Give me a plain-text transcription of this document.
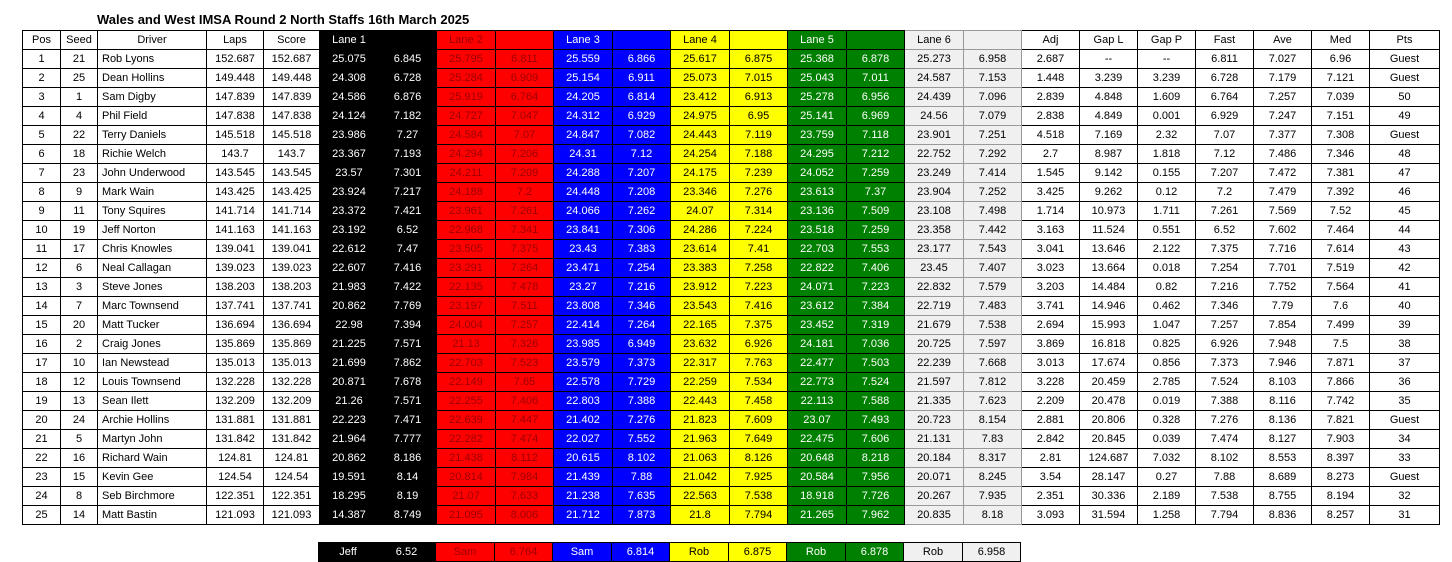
Wales and West IMSA Round 2 North Staffs 16th March 2025
Pos	Seed	Driver	Laps	Score	Lane 1		Lane 2		Lane 3		Lane 4		Lane 5		Lane 6		Adj	Gap L	Gap P	Fast	Ave	Med	Pts
1	21	Rob Lyons	152.687	152.687	25.075	6.845	25.795	6.811	25.559	6.866	25.617	6.875	25.368	6.878	25.273	6.958	2.687	--	--	6.811	7.027	6.96	Guest
2	25	Dean Hollins	149.448	149.448	24.308	6.728	25.284	6.909	25.154	6.911	25.073	7.015	25.043	7.011	24.587	7.153	1.448	3.239	3.239	6.728	7.179	7.121	Guest
3	1	Sam Digby	147.839	147.839	24.586	6.876	25.919	6.764	24.205	6.814	23.412	6.913	25.278	6.956	24.439	7.096	2.839	4.848	1.609	6.764	7.257	7.039	50
4	4	Phil Field	147.838	147.838	24.124	7.182	24.727	7.047	24.312	6.929	24.975	6.95	25.141	6.969	24.56	7.079	2.838	4.849	0.001	6.929	7.247	7.151	49
5	22	Terry Daniels	145.518	145.518	23.986	7.27	24.584	7.07	24.847	7.082	24.443	7.119	23.759	7.118	23.901	7.251	4.518	7.169	2.32	7.07	7.377	7.308	Guest
6	18	Richie Welch	143.7	143.7	23.367	7.193	24.294	7.206	24.31	7.12	24.254	7.188	24.295	7.212	22.752	7.292	2.7	8.987	1.818	7.12	7.486	7.346	48
7	23	John Underwood	143.545	143.545	23.57	7.301	24.211	7.209	24.288	7.207	24.175	7.239	24.052	7.259	23.249	7.414	1.545	9.142	0.155	7.207	7.472	7.381	47
8	9	Mark Wain	143.425	143.425	23.924	7.217	24.188	7.2	24.448	7.208	23.346	7.276	23.613	7.37	23.904	7.252	3.425	9.262	0.12	7.2	7.479	7.392	46
9	11	Tony Squires	141.714	141.714	23.372	7.421	23.961	7.261	24.066	7.262	24.07	7.314	23.136	7.509	23.108	7.498	1.714	10.973	1.711	7.261	7.569	7.52	45
10	19	Jeff Norton	141.163	141.163	23.192	6.52	22.968	7.341	23.841	7.306	24.286	7.224	23.518	7.259	23.358	7.442	3.163	11.524	0.551	6.52	7.602	7.464	44
11	17	Chris Knowles	139.041	139.041	22.612	7.47	23.505	7.375	23.43	7.383	23.614	7.41	22.703	7.553	23.177	7.543	3.041	13.646	2.122	7.375	7.716	7.614	43
12	6	Neal Callagan	139.023	139.023	22.607	7.416	23.291	7.264	23.471	7.254	23.383	7.258	22.822	7.406	23.45	7.407	3.023	13.664	0.018	7.254	7.701	7.519	42
13	3	Steve Jones	138.203	138.203	21.983	7.422	22.135	7.478	23.27	7.216	23.912	7.223	24.071	7.223	22.832	7.579	3.203	14.484	0.82	7.216	7.752	7.564	41
14	7	Marc Townsend	137.741	137.741	20.862	7.769	23.197	7.511	23.808	7.346	23.543	7.416	23.612	7.384	22.719	7.483	3.741	14.946	0.462	7.346	7.79	7.6	40
15	20	Matt Tucker	136.694	136.694	22.98	7.394	24.004	7.257	22.414	7.264	22.165	7.375	23.452	7.319	21.679	7.538	2.694	15.993	1.047	7.257	7.854	7.499	39
16	2	Craig Jones	135.869	135.869	21.225	7.571	21.13	7.326	23.985	6.949	23.632	6.926	24.181	7.036	20.725	7.597	3.869	16.818	0.825	6.926	7.948	7.5	38
17	10	Ian Newstead	135.013	135.013	21.699	7.862	22.703	7.523	23.579	7.373	22.317	7.763	22.477	7.503	22.239	7.668	3.013	17.674	0.856	7.373	7.946	7.871	37
18	12	Louis Townsend	132.228	132.228	20.871	7.678	22.149	7.65	22.578	7.729	22.259	7.534	22.773	7.524	21.597	7.812	3.228	20.459	2.785	7.524	8.103	7.866	36
19	13	Sean Ilett	132.209	132.209	21.26	7.571	22.255	7.406	22.803	7.388	22.443	7.458	22.113	7.588	21.335	7.623	2.209	20.478	0.019	7.388	8.116	7.742	35
20	24	Archie Hollins	131.881	131.881	22.223	7.471	22.639	7.447	21.402	7.276	21.823	7.609	23.07	7.493	20.723	8.154	2.881	20.806	0.328	7.276	8.136	7.821	Guest
21	5	Martyn John	131.842	131.842	21.964	7.777	22.282	7.474	22.027	7.552	21.963	7.649	22.475	7.606	21.131	7.83	2.842	20.845	0.039	7.474	8.127	7.903	34
22	16	Richard Wain	124.81	124.81	20.862	8.186	21.438	8.112	20.615	8.102	21.063	8.126	20.648	8.218	20.184	8.317	2.81	124.687	7.032	8.102	8.553	8.397	33
23	15	Kevin Gee	124.54	124.54	19.591	8.14	20.814	7.984	21.439	7.88	21.042	7.925	20.584	7.956	20.071	8.245	3.54	28.147	0.27	7.88	8.689	8.273	Guest
24	8	Seb Birchmore	122.351	122.351	18.295	8.19	21.07	7.633	21.238	7.635	22.563	7.538	18.918	7.726	20.267	7.935	2.351	30.336	2.189	7.538	8.755	8.194	32
25	14	Matt Bastin	121.093	121.093	14.387	8.749	21.095	8.006	21.712	7.873	21.8	7.794	21.265	7.962	20.835	8.18	3.093	31.594	1.258	7.794	8.836	8.257	31
Jeff	6.52	Sam	6.764	Sam	6.814	Rob	6.875	Rob	6.878	Rob	6.958
